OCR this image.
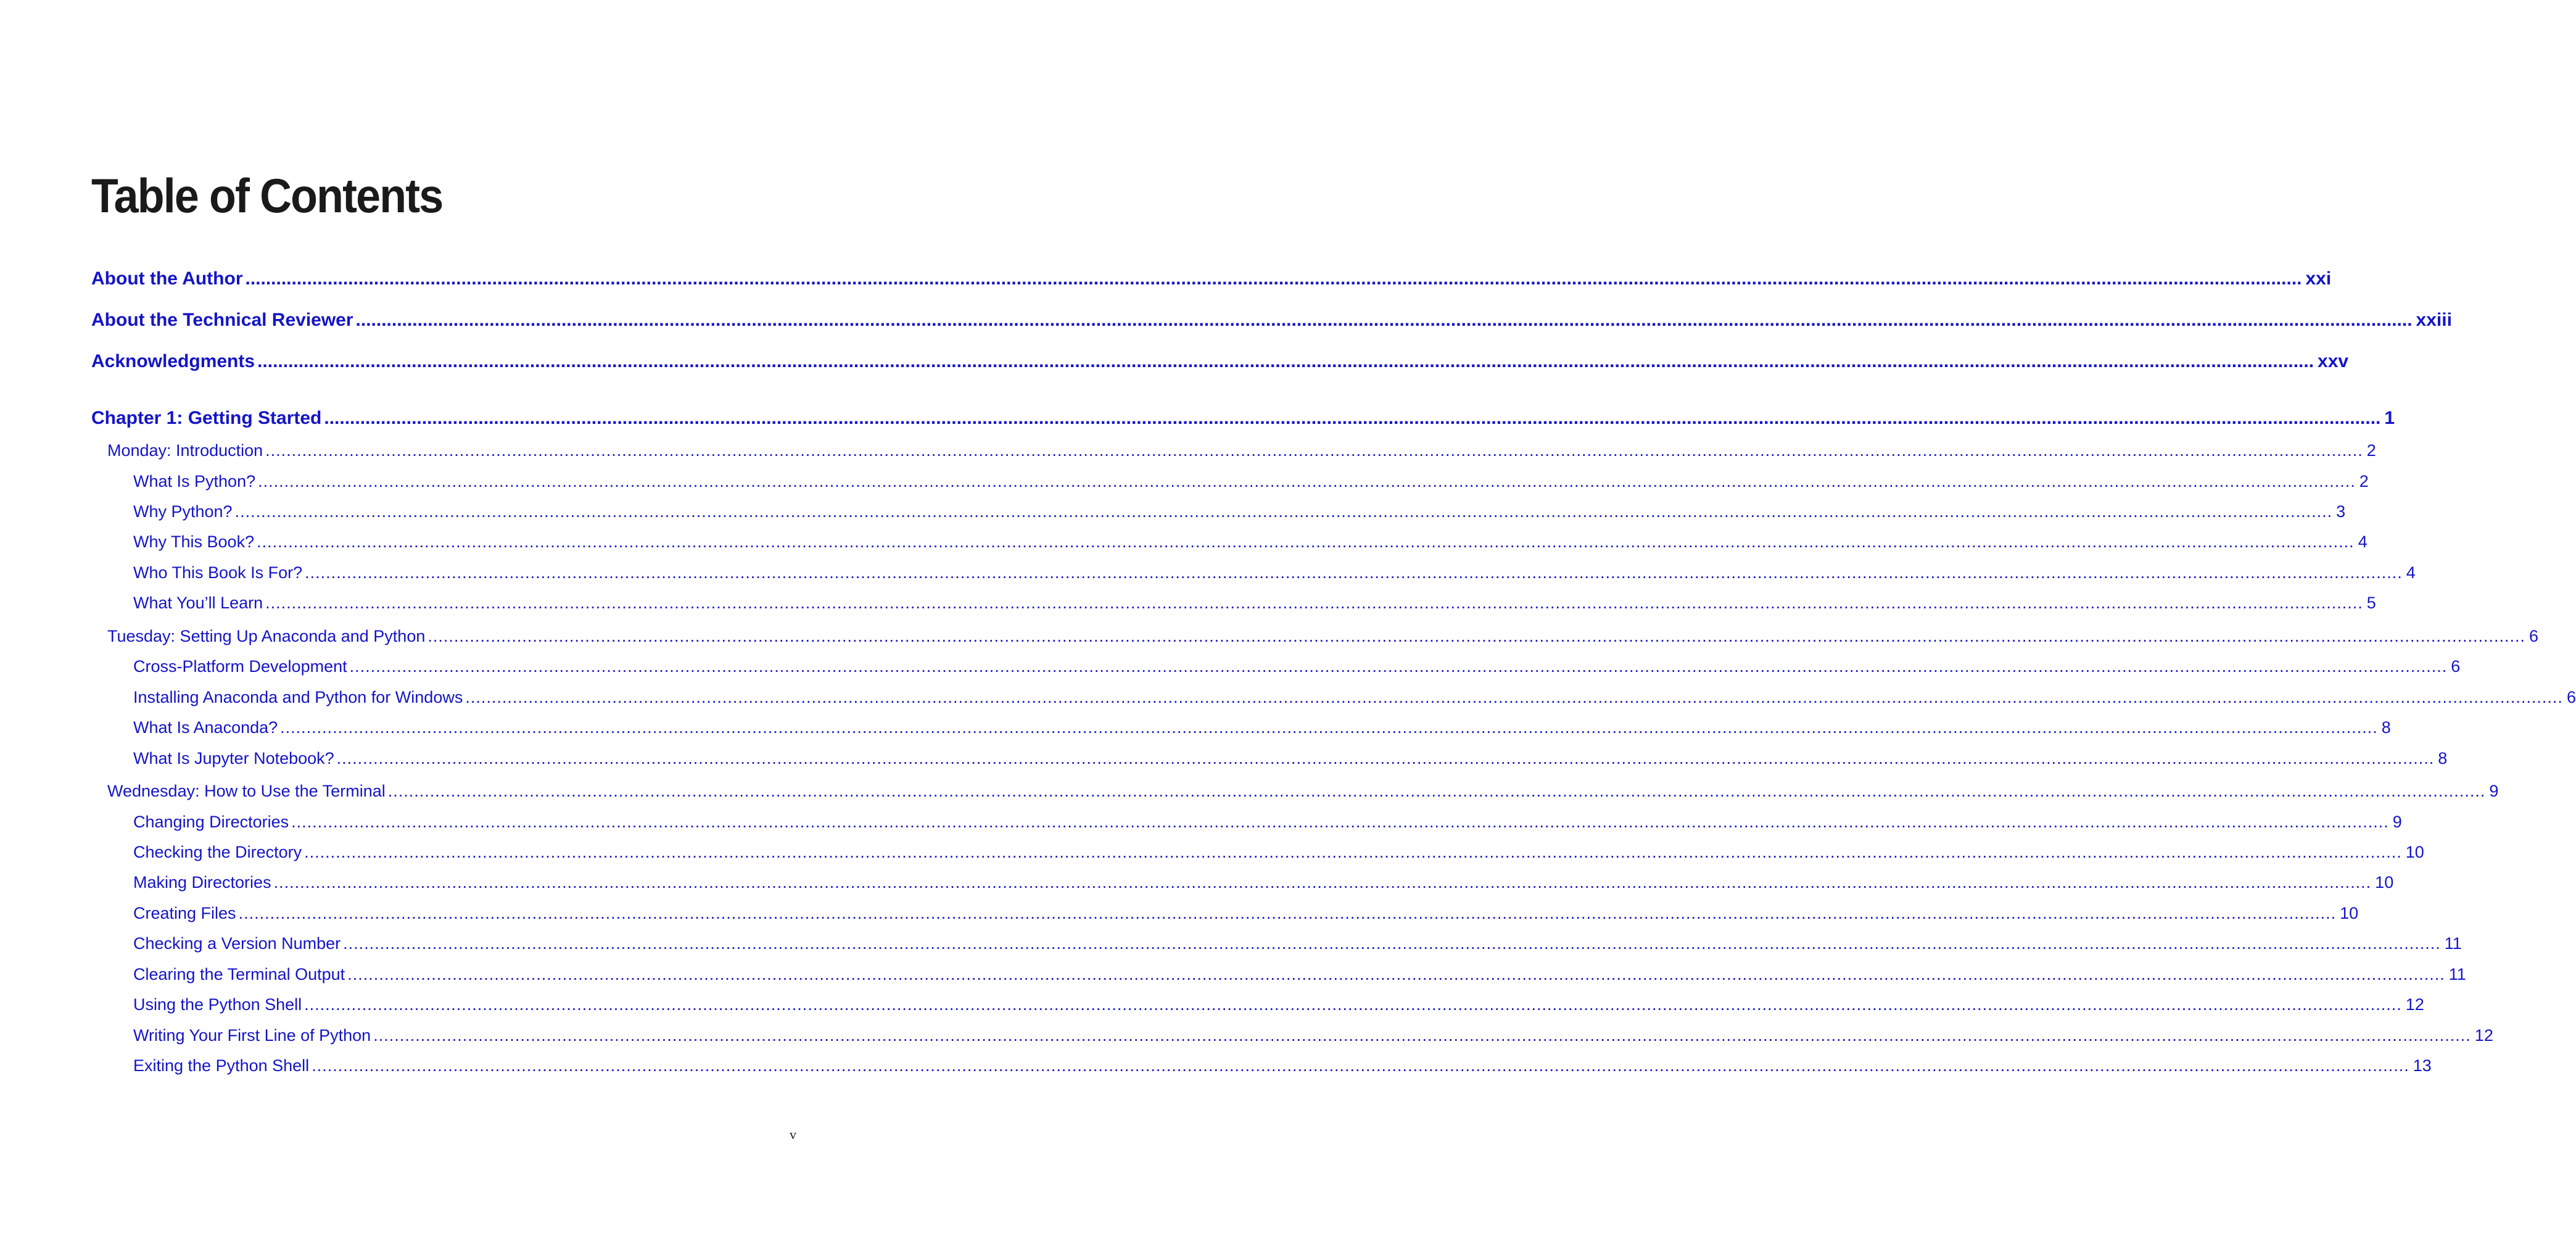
Table of Contents
About the Author ................................................................................................................................................................................................................................................................................................................................................................................................................ xxi
About the Technical Reviewer ................................................................................................................................................................................................................................................................................................................................................................................................................ xxiii
Acknowledgments ................................................................................................................................................................................................................................................................................................................................................................................................................ xxv
Chapter 1: Getting Started ................................................................................................................................................................................................................................................................................................................................................................................................................ 1
Monday: Introduction ................................................................................................................................................................................................................................................................................................................................................................................................................ 2
What Is Python? ................................................................................................................................................................................................................................................................................................................................................................................................................ 2
Why Python? ................................................................................................................................................................................................................................................................................................................................................................................................................ 3
Why This Book? ................................................................................................................................................................................................................................................................................................................................................................................................................ 4
Who This Book Is For? ................................................................................................................................................................................................................................................................................................................................................................................................................ 4
What You’ll Learn ................................................................................................................................................................................................................................................................................................................................................................................................................ 5
Tuesday: Setting Up Anaconda and Python ................................................................................................................................................................................................................................................................................................................................................................................................................ 6
Cross-Platform Development ................................................................................................................................................................................................................................................................................................................................................................................................................ 6
Installing Anaconda and Python for Windows ................................................................................................................................................................................................................................................................................................................................................................................................................ 6
What Is Anaconda? ................................................................................................................................................................................................................................................................................................................................................................................................................ 8
What Is Jupyter Notebook? ................................................................................................................................................................................................................................................................................................................................................................................................................ 8
Wednesday: How to Use the Terminal ................................................................................................................................................................................................................................................................................................................................................................................................................ 9
Changing Directories ................................................................................................................................................................................................................................................................................................................................................................................................................ 9
Checking the Directory ................................................................................................................................................................................................................................................................................................................................................................................................................ 10
Making Directories ................................................................................................................................................................................................................................................................................................................................................................................................................ 10
Creating Files ................................................................................................................................................................................................................................................................................................................................................................................................................ 10
Checking a Version Number ................................................................................................................................................................................................................................................................................................................................................................................................................ 11
Clearing the Terminal Output ................................................................................................................................................................................................................................................................................................................................................................................................................ 11
Using the Python Shell ................................................................................................................................................................................................................................................................................................................................................................................................................ 12
Writing Your First Line of Python ................................................................................................................................................................................................................................................................................................................................................................................................................ 12
Exiting the Python Shell ................................................................................................................................................................................................................................................................................................................................................................................................................ 13
v
